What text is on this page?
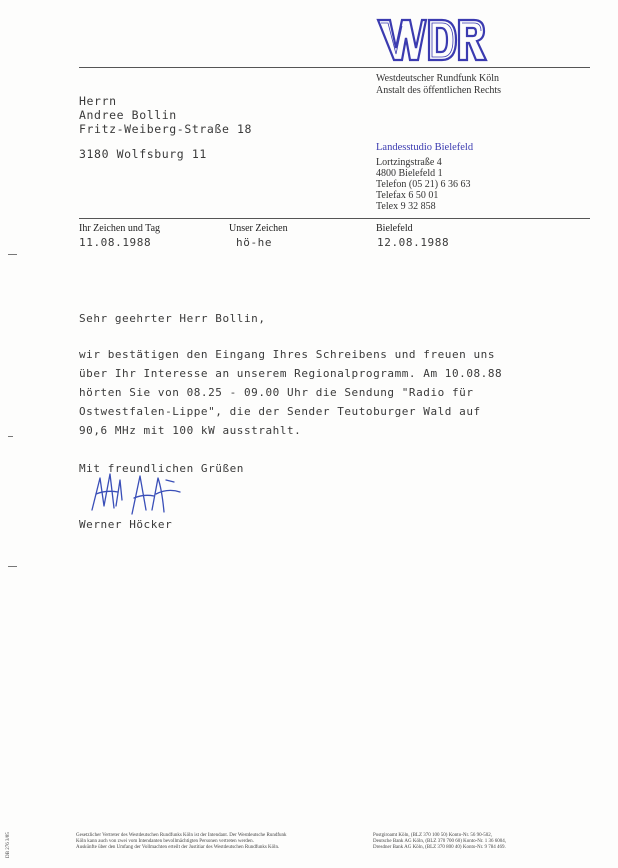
Westdeutscher Rundfunk Köln
Anstalt des öffentlichen Rechts
Herrn
Andree Bollin
Fritz-Weiberg-Straße 18
3180 Wolfsburg 11	Landesstudio Bielefeld
Lortzingstraße 4
4800 Bielefeld 1
Telefon (05 21) 6 36 63
Telefax 6 50 01
Telex 9 32 858
Ihr Zeichen und Tag	Unser Zeichen	Bielefeld
11.08.1988	hö-he	12.08.1988
Sehr geehrter Herr Bollin,
wir bestätigen den Eingang Ihres Schreibens und freuen uns
über Ihr Interesse an unserem Regionalprogramm. Am 10.08.88
hörten Sie von 08.25 - 09.00 Uhr die Sendung "Radio für
Ostwestfalen-Lippe", die der Sender Teutoburger Wald auf
90,6 MHz mit 100 kW ausstrahlt.
Mit freundlichen Grüßen
Werner Höcker
Gesetzlicher Vertreter des Westdeutschen Rundfunks Köln ist der Intendant. Der Westdeutsche Rundfunk
Köln kann auch von zwei vom Intendanten bevollmächtigten Personen vertreten werden.
Auskünfte über den Umfang der Vollmachten erteilt der Justitiar des Westdeutschen Rundfunks Köln.
Postgiroamt Köln, (BLZ 370 100 50) Konto-Nr. 56 90-502,
Deutsche Bank AG Köln, (BLZ 370 700 60) Konto-Nr. 1 36 6004,
Dresdner Bank AG Köln, (BLZ 370 800 40) Konto-Nr. 9 784 469.
DB 276 3/85
